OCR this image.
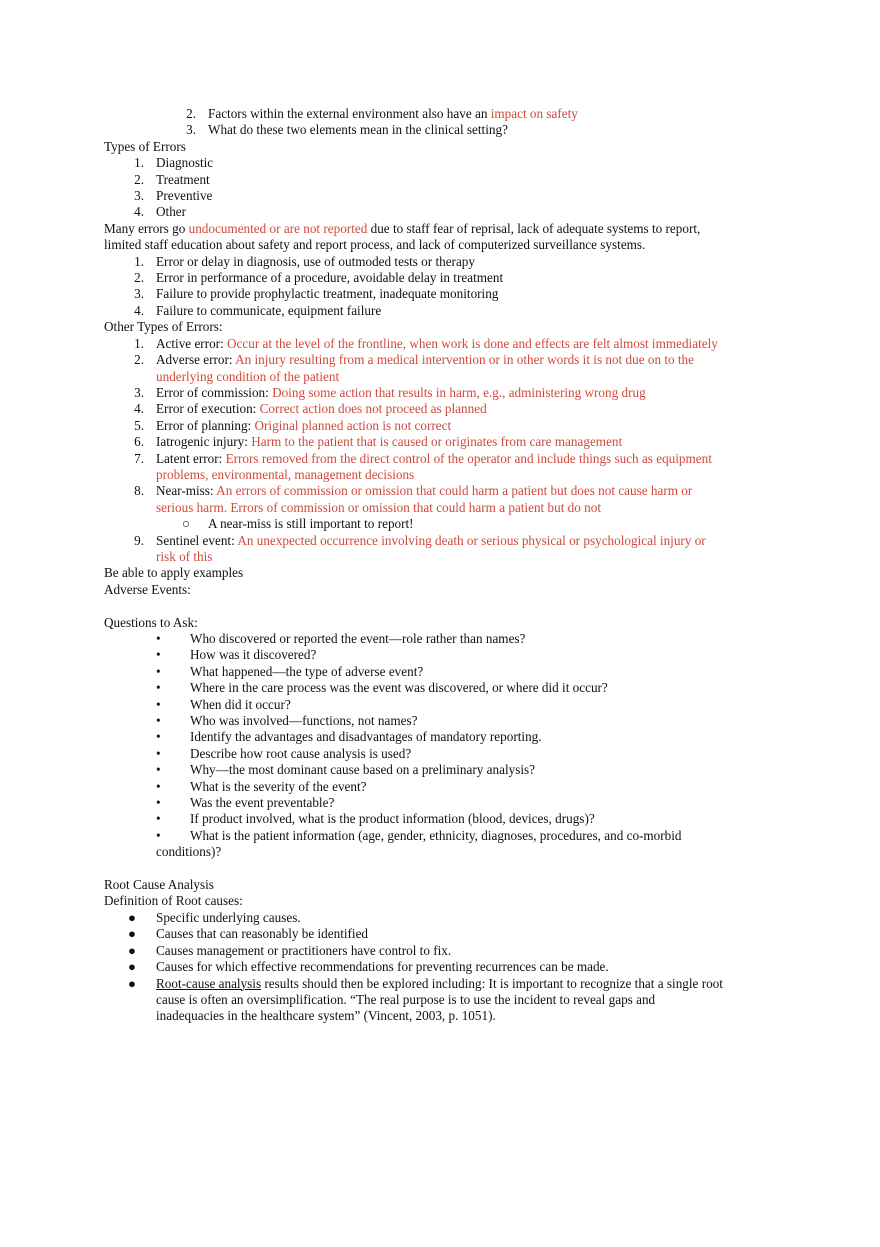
2. Factors within the external environment also have an impact on safety
3. What do these two elements mean in the clinical setting?
Types of Errors
1. Diagnostic
2. Treatment
3. Preventive
4. Other
Many errors go undocumented or are not reported due to staff fear of reprisal, lack of adequate systems to report,
limited staff education about safety and report process, and lack of computerized surveillance systems.
1. Error or delay in diagnosis, use of outmoded tests or therapy
2. Error in performance of a procedure, avoidable delay in treatment
3. Failure to provide prophylactic treatment, inadequate monitoring
4. Failure to communicate, equipment failure
Other Types of Errors:
1. Active error: Occur at the level of the frontline, when work is done and effects are felt almost immediately
2. Adverse error: An injury resulting from a medical intervention or in other words it is not due on to the
underlying condition of the patient
3. Error of commission: Doing some action that results in harm, e.g., administering wrong drug
4. Error of execution: Correct action does not proceed as planned
5. Error of planning: Original planned action is not correct
6. Iatrogenic injury: Harm to the patient that is caused or originates from care management
7. Latent error: Errors removed from the direct control of the operator and include things such as equipment
problems, environmental, management decisions
8. Near-miss: An errors of commission or omission that could harm a patient but does not cause harm or
serious harm. Errors of commission or omission that could harm a patient but do not
○ A near-miss is still important to report!
9. Sentinel event: An unexpected occurrence involving death or serious physical or psychological injury or
risk of this
Be able to apply examples
Adverse Events:
Questions to Ask:
• Who discovered or reported the event—role rather than names?
• How was it discovered?
• What happened—the type of adverse event?
• Where in the care process was the event was discovered, or where did it occur?
• When did it occur?
• Who was involved—functions, not names?
• Identify the advantages and disadvantages of mandatory reporting.
• Describe how root cause analysis is used?
• Why—the most dominant cause based on a preliminary analysis?
• What is the severity of the event?
• Was the event preventable?
• If product involved, what is the product information (blood, devices, drugs)?
• What is the patient information (age, gender, ethnicity, diagnoses, procedures, and co-morbid
conditions)?
Root Cause Analysis
Definition of Root causes:
● Specific underlying causes.
● Causes that can reasonably be identified
● Causes management or practitioners have control to fix.
● Causes for which effective recommendations for preventing recurrences can be made.
● Root-cause analysis results should then be explored including: It is important to recognize that a single root
cause is often an oversimplification. “The real purpose is to use the incident to reveal gaps and
inadequacies in the healthcare system” (Vincent, 2003, p. 1051).
